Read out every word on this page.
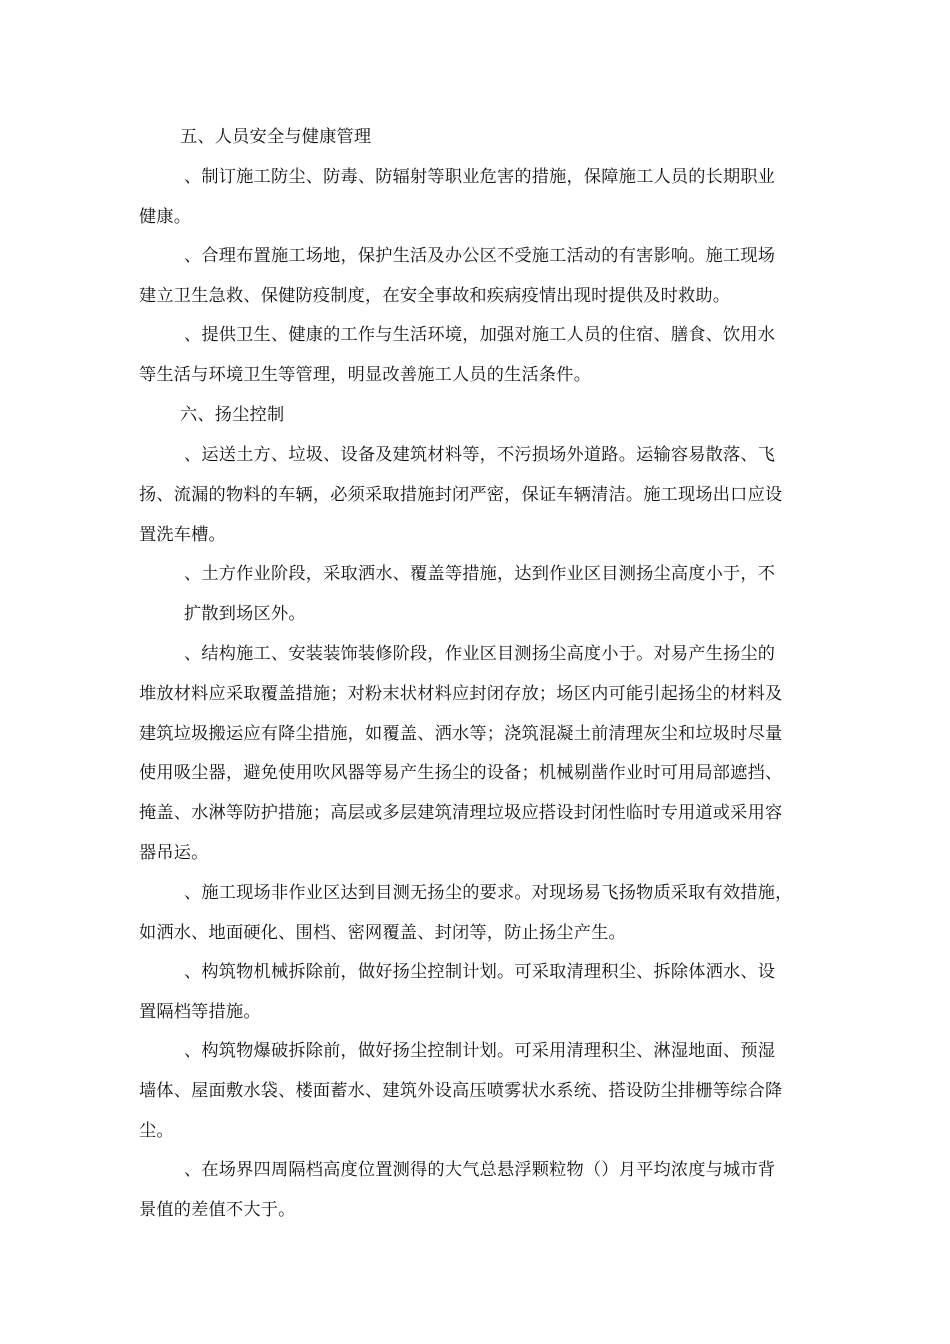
五、人员安全与健康管理

、制订施工防尘、防毒、防辐射等职业危害的措施，保障施工人员的长期职业
健康。
、合理布置施工场地，保护生活及办公区不受施工活动的有害影响。施工现场
建立卫生急救、保健防疫制度，在安全事故和疾病疫情出现时提供及时救助。
、提供卫生、健康的工作与生活环境，加强对施工人员的住宿、膳食、饮用水
等生活与环境卫生等管理，明显改善施工人员的生活条件。

六、扬尘控制

、运送土方、垃圾、设备及建筑材料等，不污损场外道路。运输容易散落、飞
扬、流漏的物料的车辆，必须采取措施封闭严密，保证车辆清洁。施工现场出口应设
置洗车槽。
、土方作业阶段，采取洒水、覆盖等措施，达到作业区目测扬尘高度小于，不
扩散到场区外。
、结构施工、安装装饰装修阶段，作业区目测扬尘高度小于。对易产生扬尘的
堆放材料应采取覆盖措施；对粉末状材料应封闭存放；场区内可能引起扬尘的材料及
建筑垃圾搬运应有降尘措施，如覆盖、洒水等；浇筑混凝土前清理灰尘和垃圾时尽量
使用吸尘器，避免使用吹风器等易产生扬尘的设备；机械剔凿作业时可用局部遮挡、
掩盖、水淋等防护措施；高层或多层建筑清理垃圾应搭设封闭性临时专用道或采用容
器吊运。
、施工现场非作业区达到目测无扬尘的要求。对现场易飞扬物质采取有效措施，
如洒水、地面硬化、围档、密网覆盖、封闭等，防止扬尘产生。
、构筑物机械拆除前，做好扬尘控制计划。可采取清理积尘、拆除体洒水、设
置隔档等措施。
、构筑物爆破拆除前，做好扬尘控制计划。可采用清理积尘、淋湿地面、预湿
墙体、屋面敷水袋、楼面蓄水、建筑外设高压喷雾状水系统、搭设防尘排栅等综合降
尘。
、在场界四周隔档高度位置测得的大气总悬浮颗粒物（）月平均浓度与城市背
景值的差值不大于。
